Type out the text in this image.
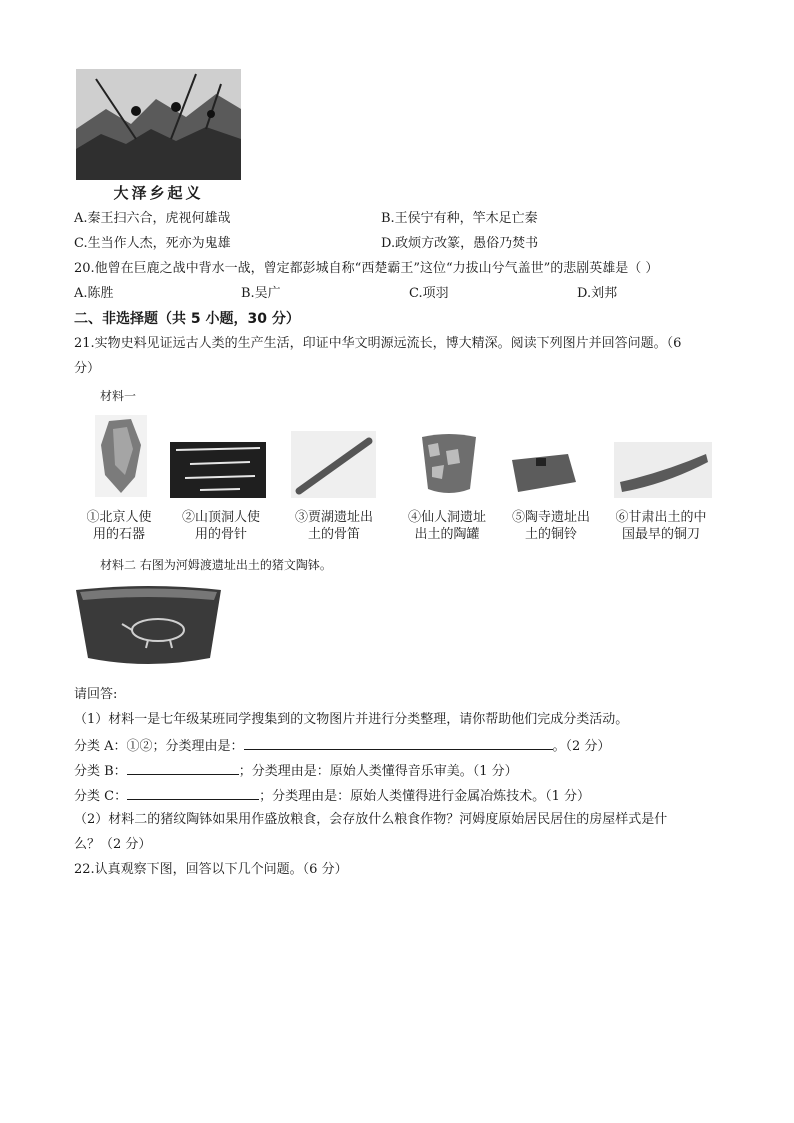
大泽乡起义
A.秦王扫六合，虎视何雄哉	B.王侯宁有种，竿木足亡秦
C.生当作人杰，死亦为鬼雄	D.政烦方改篆，愚俗乃焚书
20.他曾在巨鹿之战中背水一战，曾定都彭城自称“西楚霸王”这位“力拔山兮气盖世”的悲剧英雄是（ ）
A.陈胜	B.吴广	C.项羽	D.刘邦
二、非选择题（共 5 小题，30 分）
21.实物史料见证远古人类的生产生活，印证中华文明源远流长，博大精深。阅读下列图片并回答问题。（6
分）
材料一
①北京人使
用的石器
②山顶洞人使
用的骨针
③贾湖遗址出
土的骨笛
④仙人洞遗址
出土的陶罐
⑤陶寺遗址出
土的铜铃
⑥甘肃出土的中
国最早的铜刀
材料二 右图为河姆渡遗址出土的猪文陶钵。
请回答:
（1）材料一是七年级某班同学搜集到的文物图片并进行分类整理，请你帮助他们完成分类活动。
分类 A：①②；分类理由是：	。（2 分）
分类 B：	；分类理由是：原始人类懂得音乐审美。（1 分）
分类 C：	；分类理由是：原始人类懂得进行金属冶炼技术。（1 分）
（2）材料二的猪纹陶钵如果用作盛放粮食，会存放什么粮食作物？河姆度原始居民居住的房屋样式是什
么？（2 分）
22.认真观察下图，回答以下几个问题。（6 分）
